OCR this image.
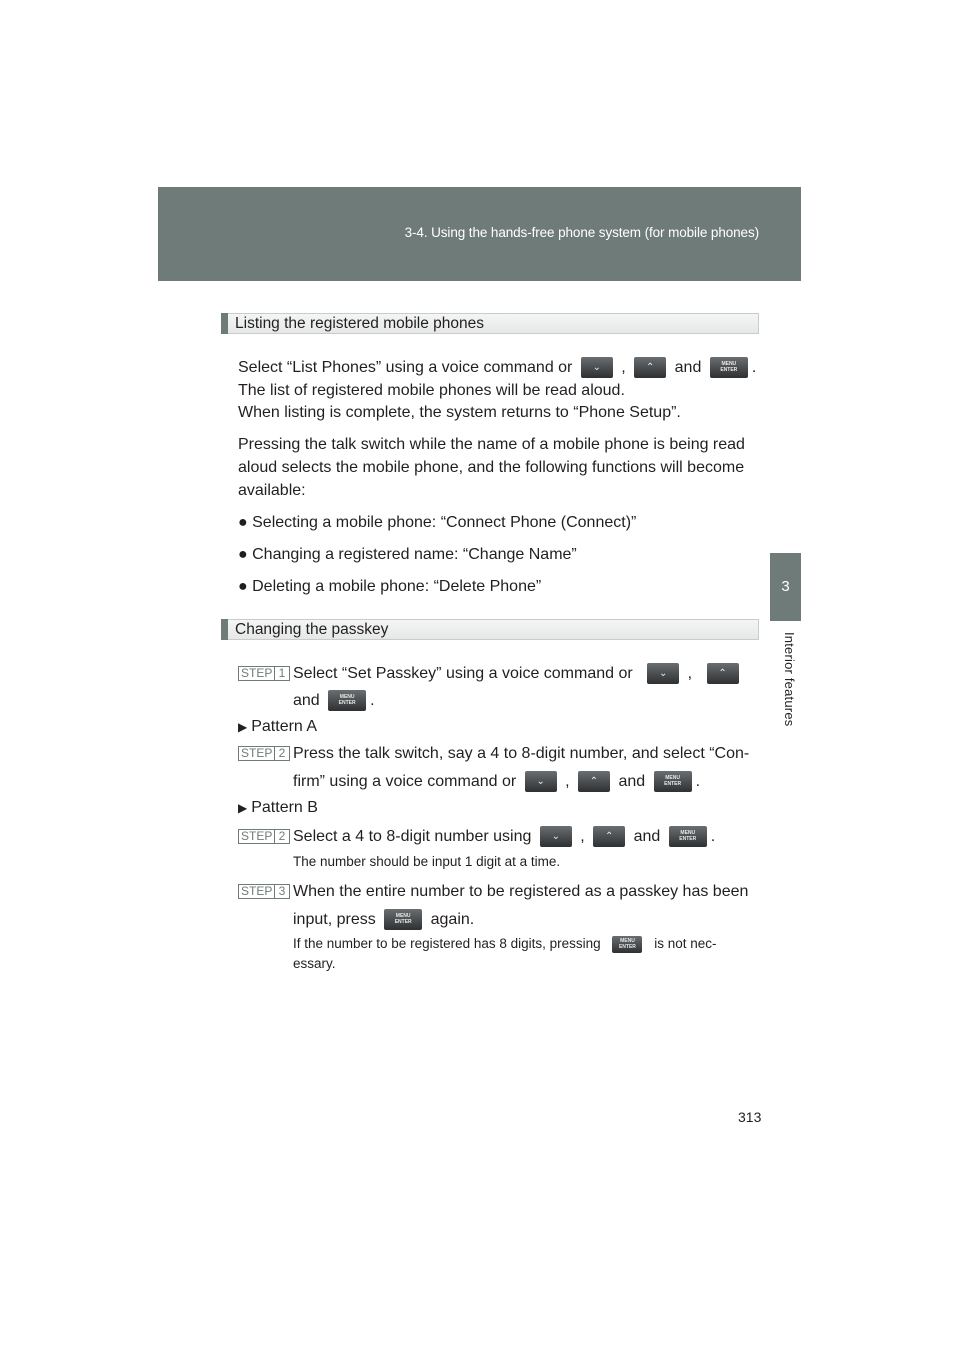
3-4. Using the hands-free phone system (for mobile phones)
3
Interior features
Listing the registered mobile phones
Select “List Phones” using a voice command or	⌄	,	⌃	and	MENU
ENTER .
The list of registered mobile phones will be read aloud.
When listing is complete, the system returns to “Phone Setup”.
Pressing the talk switch while the name of a mobile phone is being read
aloud selects the mobile phone, and the following functions will become
available:
● Selecting a mobile phone: “Connect Phone (Connect)”
● Changing a registered name: “Change Name”
● Deleting a mobile phone: “Delete Phone”
Changing the passkey
STEP 1 Select “Set Passkey” using a voice command or	⌄	,	⌃
and	MENU
ENTER .
▶ Pattern A
STEP 2 Press the talk switch, say a 4 to 8-digit number, and select “Con-
firm” using a voice command or	⌄	,	⌃	and	MENU
ENTER .
▶ Pattern B
STEP 2 Select a 4 to 8-digit number using	⌄	,	⌃	and	MENU
ENTER .
The number should be input 1 digit at a time.
STEP 3 When the entire number to be registered as a passkey has been
input, press	MENU
ENTER	again.
If the number to be registered has 8 digits, pressing	MENU
ENTER	is not nec-
essary.
313
